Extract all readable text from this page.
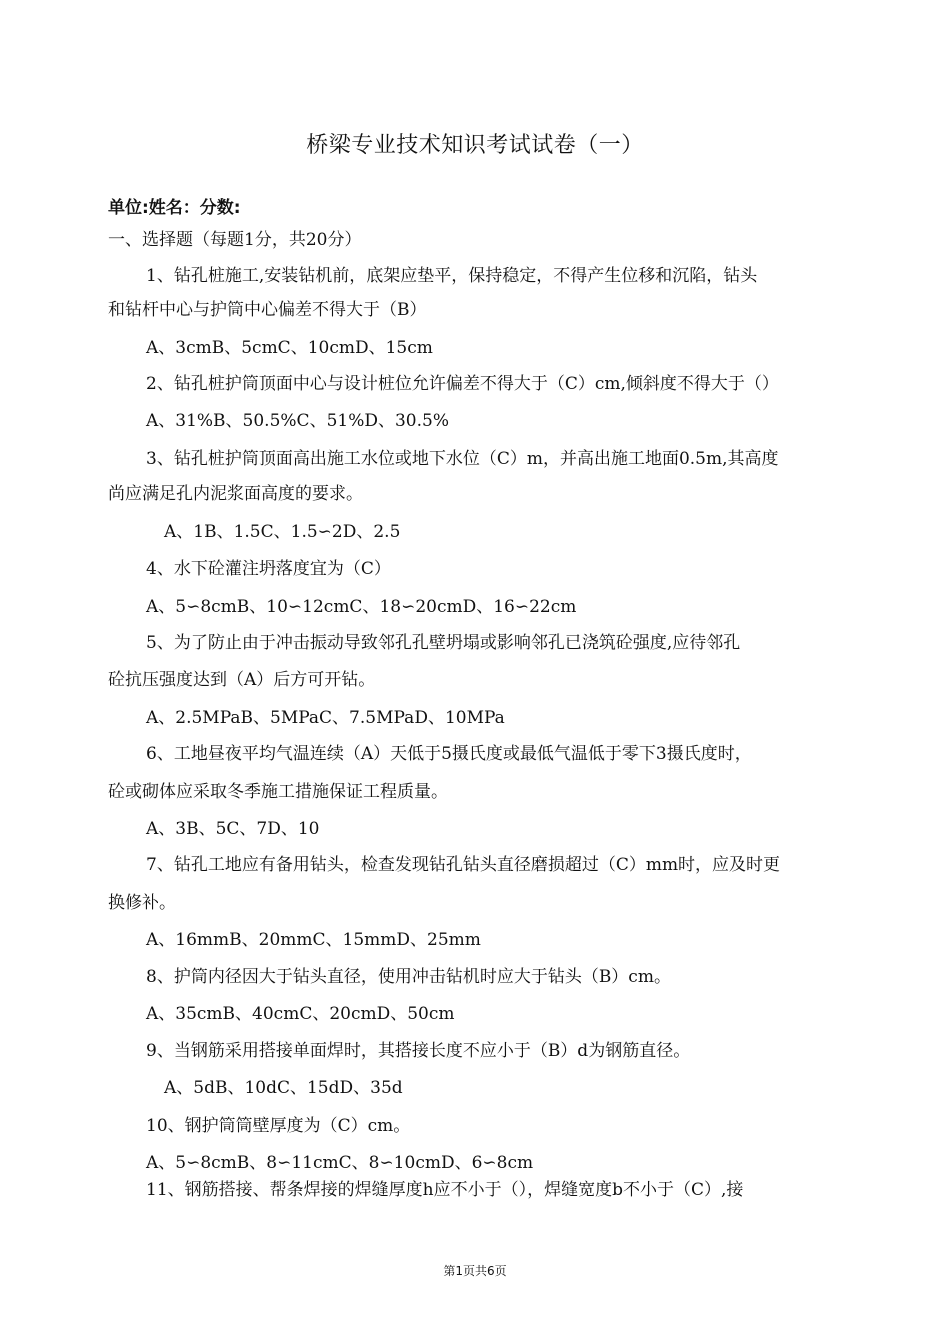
桥梁专业技术知识考试试卷（一）
单位:姓名：分数:
一、选择题（每题1分，共20分）
1、钻孔桩施工,安装钻机前，底架应垫平，保持稳定，不得产生位移和沉陷，钻头
和钻杆中心与护筒中心偏差不得大于（B）
A、3cmB、5cmC、10cmD、15cm
2、钻孔桩护筒顶面中心与设计桩位允许偏差不得大于（C）cm,倾斜度不得大于（）
A、31%B、50.5%C、51%D、30.5%
3、钻孔桩护筒顶面高出施工水位或地下水位（C）m，并高出施工地面0.5m,其高度
尚应满足孔内泥浆面高度的要求。
A、1B、1.5C、1.5∽2D、2.5
4、水下砼灌注坍落度宜为（C）
A、5∽8cmB、10∽12cmC、18∽20cmD、16∽22cm
5、为了防止由于冲击振动导致邻孔孔壁坍塌或影响邻孔已浇筑砼强度,应待邻孔
砼抗压强度达到（A）后方可开钻。
A、2.5MPaB、5MPaC、7.5MPaD、10MPa
6、工地昼夜平均气温连续（A）天低于5摄氏度或最低气温低于零下3摄氏度时，
砼或砌体应采取冬季施工措施保证工程质量。
A、3B、5C、7D、10
7、钻孔工地应有备用钻头，检查发现钻孔钻头直径磨损超过（C）mm时，应及时更
换修补。
A、16mmB、20mmC、15mmD、25mm
8、护筒内径因大于钻头直径，使用冲击钻机时应大于钻头（B）cm。
A、35cmB、40cmC、20cmD、50cm
9、当钢筋采用搭接单面焊时，其搭接长度不应小于（B）d为钢筋直径。
A、5dB、10dC、15dD、35d
10、钢护筒筒壁厚度为（C）cm。
A、5∽8cmB、8∽11cmC、8∽10cmD、6∽8cm
11、钢筋搭接、帮条焊接的焊缝厚度h应不小于（），焊缝宽度b不小于（C）,接
第1页共6页
